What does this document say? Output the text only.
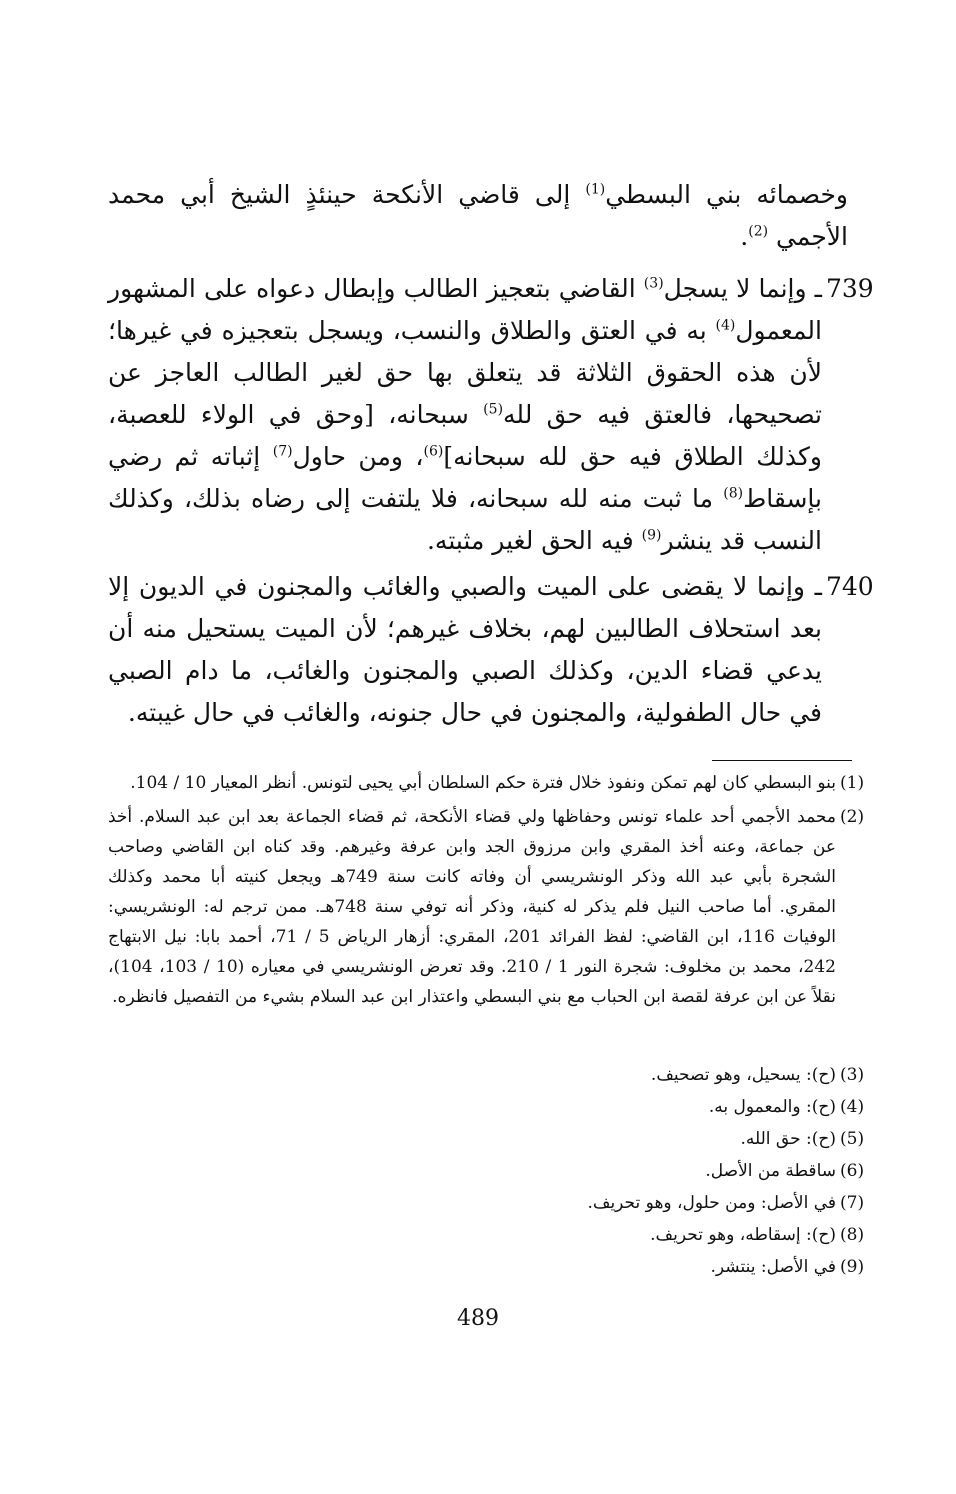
وخصمائه بني البسطي$^{(1)}$ إلى قاضي الأنكحة حينئذٍ الشيخ أبي محمد الأجمي $^{(2)}$.
739
ـ وإنما لا يسجل$^{(3)}$ القاضي بتعجيز الطالب وإبطال دعواه على المشهور المعمول$^{(4)}$ به في العتق والطلاق والنسب، ويسجل بتعجيزه في غيرها؛ لأن هذه الحقوق الثلاثة قد يتعلق بها حق لغير الطالب العاجز عن تصحيحها، فالعتق فيه حق لله$^{(5)}$ سبحانه، [وحق في الولاء للعصبة، وكذلك الطلاق فيه حق لله سبحانه]$^{(6)}$، ومن حاول$^{(7)}$ إثباته ثم رضي بإسقاط$^{(8)}$ ما ثبت منه لله سبحانه، فلا يلتفت إلى رضاه بذلك، وكذلك النسب قد ينشر$^{(9)}$ فيه الحق لغير مثبته.
740
ـ وإنما لا يقضى على الميت والصبي والغائب والمجنون في الديون إلا بعد استحلاف الطالبين لهم، بخلاف غيرهم؛ لأن الميت يستحيل منه أن يدعي قضاء الدين، وكذلك الصبي والمجنون والغائب، ما دام الصبي في حال الطفولية، والمجنون في حال جنونه، والغائب في حال غيبته.
(1)
بنو البسطي كان لهم تمكن ونفوذ خلال فترة حكم السلطان أبي يحيى لتونس. أنظر المعيار 10 / 104.
(2)
محمد الأجمي أحد علماء تونس وحفاظها ولي قضاء الأنكحة، ثم قضاء الجماعة بعد ابن عبد السلام. أخذ عن جماعة، وعنه أخذ المقري وابن مرزوق الجد وابن عرفة وغيرهم. وقد كناه ابن القاضي وصاحب الشجرة بأبي عبد الله وذكر الونشريسي أن وفاته كانت سنة 749هـ ويجعل كنيته أبا محمد وكذلك المقري. أما صاحب النيل فلم يذكر له كنية، وذكر أنه توفي سنة 748هـ. ممن ترجم له: الونشريسي: الوفيات 116، ابن القاضي: لفظ الفرائد 201، المقري: أزهار الرياض 5 / 71، أحمد بابا: نيل الابتهاج 242، محمد بن مخلوف: شجرة النور 1 / 210. وقد تعرض الونشريسي في معياره (10 / 103، 104)، نقلاً عن ابن عرفة لقصة ابن الحباب مع بني البسطي واعتذار ابن عبد السلام بشيء من التفصيل فانظره.
(3)
(ح): يسحيل، وهو تصحيف.
(4)
(ح): والمعمول به.
(5)
(ح): حق الله.
(6)
ساقطة من الأصل.
(7)
في الأصل: ومن حلول، وهو تحريف.
(8)
(ح): إسقاطه، وهو تحريف.
(9)
في الأصل: ينتشر.
489
